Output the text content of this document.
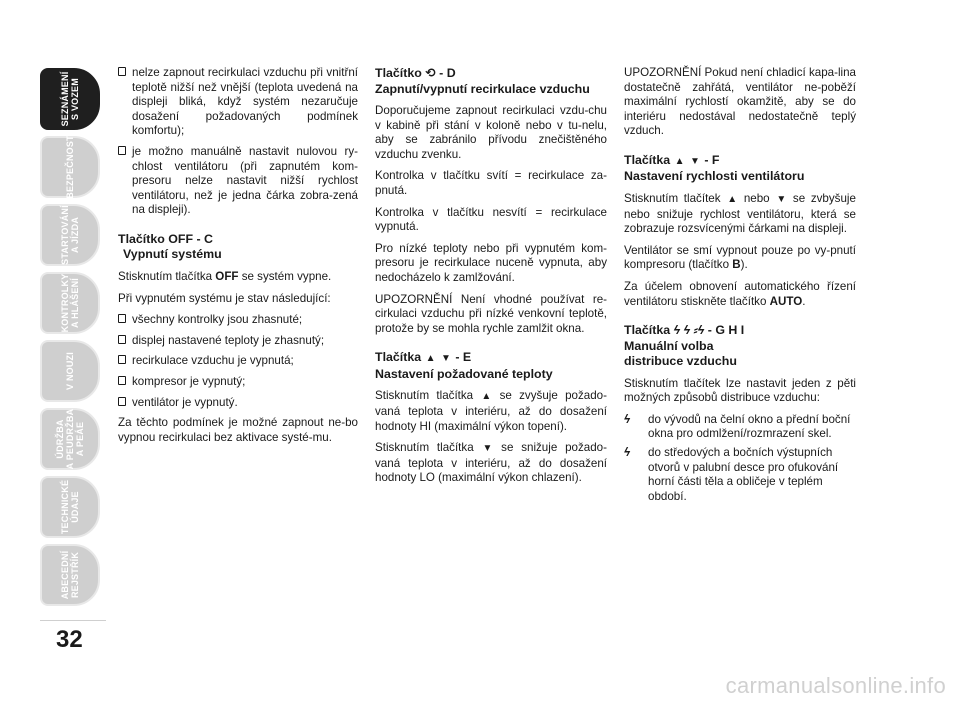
SEZNÁMENÍ
S VOZEM
BEZPEČNOST
STARTOVÁNÍ
A JÍZDA
KONTROLKY
A HLÁŠENÍ
V NOUZI
ÚDRŽBA
A PEUDRŽBA
A PEÁE
TECHNICKÉ
ÚDAJE
ABECEDNÍ
REJSTŘÍK
32
nelze zapnout recirkulaci vzduchu při vnitřní teplotě nižší než vnější (teplota uvedená na displeji bliká, když systém nezaručuje dosažení požadovaných podmínek komfortu);
je možno manuálně nastavit nulovou ry-chlost ventilátoru (při zapnutém kom-presoru nelze nastavit nižší rychlost ventilátoru, než je jedna čárka zobra-zená na displeji).
Tlačítko OFF - C
Vypnutí systému

Stisknutím tlačítka OFF se systém vypne.

Při vypnutém systému je stav následující:

všechny kontrolky jsou zhasnuté;
displej nastavené teploty je zhasnutý;
recirkulace vzduchu je vypnutá;
kompresor je vypnutý;
ventilátor je vypnutý.

Za těchto podmínek je možné zapnout ne-bo vypnou recirkulaci bez aktivace systé-mu.

Tlačítko ⟲ - D
Zapnutí/vypnutí recirkulace vzduchu

Doporučujeme zapnout recirkulaci vzdu-chu v kabině při stání v koloně nebo v tu-nelu, aby se zabránilo přívodu znečištěného vzduchu zvenku.

Kontrolka v tlačítku svítí = recirkulace za-pnutá.

Kontrolka v tlačítku nesvítí = recirkulace vypnutá.

Pro nízké teploty nebo při vypnutém kom-presoru je recirkulace nuceně vypnuta, aby nedocházelo k zamlžování.

UPOZORNĚNÍ Není vhodné používat re-cirkulaci vzduchu při nízké venkovní teplotě, protože by se mohla rychle zamlžit okna.

Tlačítka ▲ ▼ - E
Nastavení požadované teploty

Stisknutím tlačítka ▲ se zvyšuje požado-vaná teplota v interiéru, až do dosažení hodnoty HI (maximální výkon topení).

Stisknutím tlačítka ▼ se snižuje požado-vaná teplota v interiéru, až do dosažení hodnoty LO (maximální výkon chlazení).

UPOZORNĚNÍ Pokud není chladicí kapa-lina dostatečně zahřátá, ventilátor ne-poběží maximální rychlostí okamžitě, aby se do interiéru nedostával nedostatečně teplý vzduch.

Tlačítka ▲ ▼ - F
Nastavení rychlosti ventilátoru

Stisknutím tlačítek ▲ nebo ▼ se zvbyšuje nebo snižuje rychlost ventilátoru, která se zobrazuje rozsvícenými čárkami na displeji.

Ventilátor se smí vypnout pouze po vy-pnutí kompresoru (tlačítko B).

Za účelem obnovení automatického řízení ventilátoru stiskněte tlačítko AUTO.

Tlačítka ϟ ϟ ⸗ϟ - G H I
Manuální volba
distribuce vzduchu

Stisknutím tlačítek lze nastavit jeden z pěti možných způsobů distribuce vzduchu:

ϟ do vývodů na čelní okno a přední boční okna pro odmlžení/rozmrazení skel.
ϟ do středových a bočních výstupních otvorů v palubní desce pro ofukování horní části těla a obličeje v teplém období.
carmanualsonline.info
